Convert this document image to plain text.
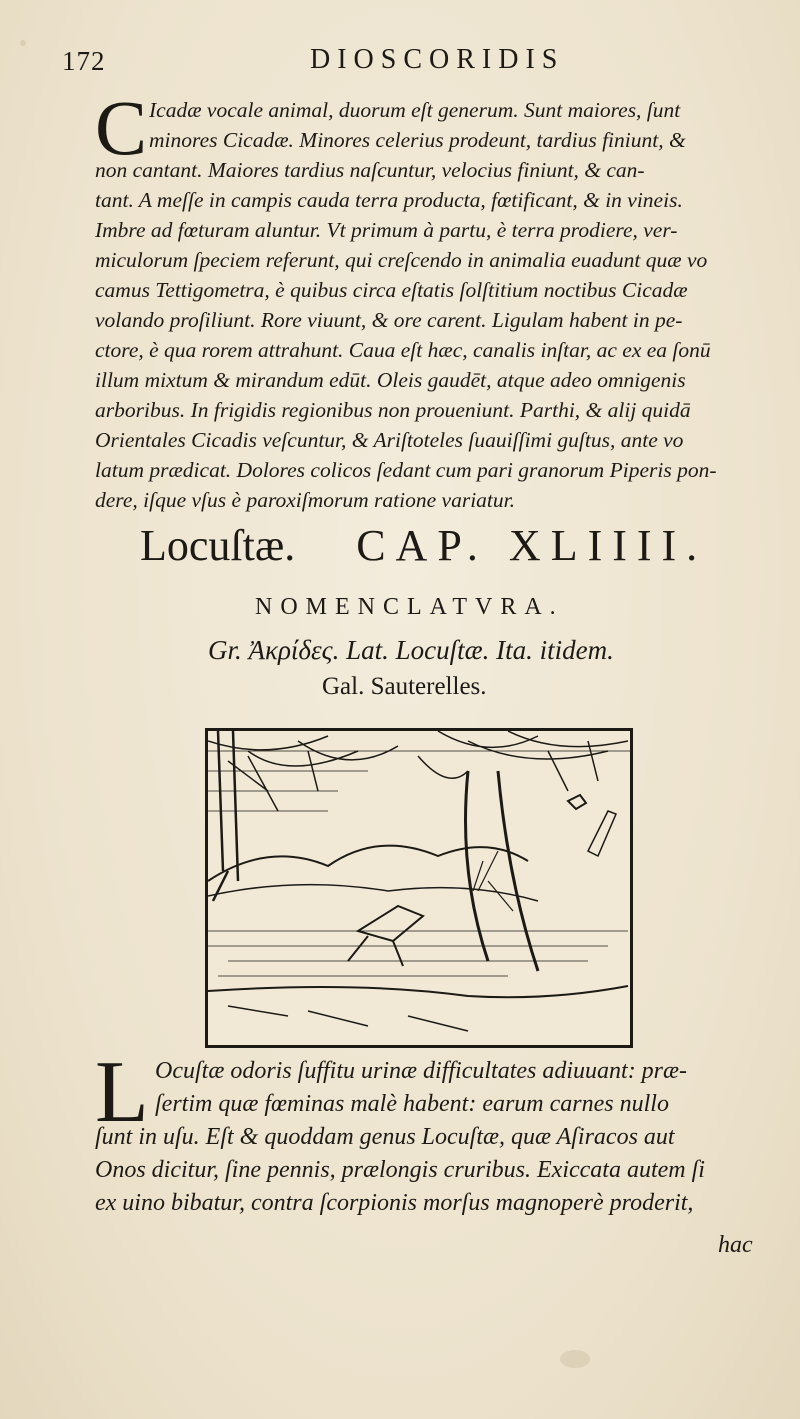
172	DIOSCORIDIS
C Icadæ vocale animal, duorum eſt generum. Sunt maiores, ſunt
minores Cicadæ. Minores celerius prodeunt, tardius finiunt, &
non cantant. Maiores tardius naſcuntur, velocius finiunt, & can-
tant. A meſſe in campis cauda terra producta, fœtificant, & in vineis.
Imbre ad fœturam aluntur. Vt primum à partu, è terra prodiere, ver-
miculorum ſpeciem referunt, qui creſcendo in animalia euadunt quæ vo
camus Tettigometra, è quibus circa eſtatis ſolſtitium noctibus Cicadæ
volando proſiliunt. Rore viuunt, & ore carent. Ligulam habent in pe-
ctore, è qua rorem attrahunt. Caua eſt hæc, canalis inſtar, ac ex ea ſonū
illum mixtum & mirandum edūt. Oleis gaudēt, atque adeo omnigenis
arboribus. In frigidis regionibus non proueniunt. Parthi, & alij quidā
Orientales Cicadis veſcuntur, & Ariſtoteles ſuauiſſimi guſtus, ante vo
latum prædicat. Dolores colicos ſedant cum pari granorum Piperis pon-
dere, iſque vſus è paroxiſmorum ratione variatur.
Locuſtæ. CAP. XLIIII.
NOMENCLATVRA.
Gr. Ἀκρίδες. Lat. Locuſtæ. Ita. itidem.
Gal. Sauterelles.
L Ocuſtæ odoris ſuffitu urinæ difficultates adiuuant: præ-
ſertim quæ fœminas malè habent: earum carnes nullo
ſunt in uſu. Eſt & quoddam genus Locuſtæ, quæ Aſiracos aut
Onos dicitur, ſine pennis, prælongis cruribus. Exiccata autem ſi
ex uino bibatur, contra ſcorpionis morſus magnoperè proderit,
hac
